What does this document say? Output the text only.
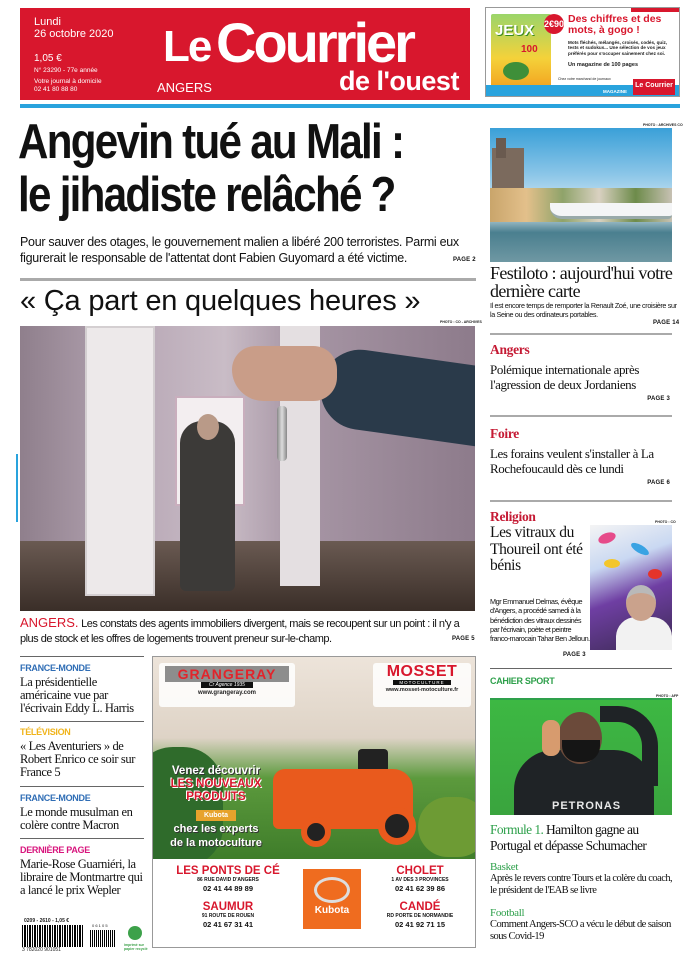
Lundi
26 octobre 2020
1,05 €
N° 23290 - 77e année
Votre journal à domicile
02 41 80 88 80
Le Courrier
de l'ouest
ANGERS
JEUX
100
2€90 Des chiffres et des mots, à gogo !
Mots fléchés, mélangés, croisés, codés, quiz, tests et sudokus... Une sélection de vos jeux préférés pour s'occuper sainement chez soi.
Un magazine de 100 pages
Chez votre marchand de journaux
MAGAZINE
Le Courrier
Angevin tué au Mali :
le jihadiste relâché ?
Pour sauver des otages, le gouvernement malien a libéré 200 terroristes. Parmi eux figurerait le responsable de l'attentat dont Fabien Guyomard a été victime.	PAGE 2
« Ça part en quelques heures »
PHOTO : CO - ARCHIVES
ANGERS. Les constats des agents immobiliers divergent, mais se recoupent sur un point : il n'y a plus de stock et les offres de logements trouvent preneur sur-le-champ.	PAGE 5
FRANCE-MONDE
La présidentielle américaine vue par l'écrivain Eddy L. Harris
TÉLÉVISION
« Les Aventuriers » de Robert Enrico ce soir sur France 5
FRANCE-MONDE
Le monde musulman en colère contre Macron
DERNIÈRE PAGE
Marie-Rose Guarniéri, la libraire de Montmartre qui a lancé le prix Wepler
0209 - 2610 - 1,05 €
3 782020 901051
0 6 1 0 5
imprimé sur papier recyclé
GRANGERAY
Cr Agence 1935
www.grangeray.com
MOSSET
MOTOCULTURE
www.mosset-motoculture.fr
Venez découvrir
LES NOUVEAUX
PRODUITS
Kubota
chez les experts
de la motoculture
LES PONTS DE CÉ
86 RUE DAVID D'ANGERS
02 41 44 89 89
SAUMUR
91 ROUTE DE ROUEN
02 41 67 31 41
Kubota
CHOLET
1 AV DES 3 PROVINCES
02 41 62 39 86
CANDÉ
RD PORTE DE NORMANDIE
02 41 92 71 15
PHOTO : ARCHIVES CO
Festiloto : aujourd'hui votre dernière carte
Il est encore temps de remporter la Renault Zoé, une croisière sur la Seine ou des ordinateurs portables.
PAGE 14
Angers
Polémique internationale après l'agression de deux Jordaniens
PAGE 3
Foire
Les forains veulent s'installer à La Rochefoucauld dès ce lundi
PAGE 6
Religion
Les vitraux du Thoureil ont été bénis
Mgr Emmanuel Delmas, évêque d'Angers, a procédé samedi à la bénédiction des vitraux dessinés par l'écrivain, poète et peintre franco-marocain Tahar Ben Jelloun.
PHOTO : CO
PAGE 3
CAHIER SPORT
PHOTO : AFP
PETRONAS
Formule 1. Hamilton gagne au Portugal et dépasse Schumacher
Basket
Après le revers contre Tours et la colère du coach, le président de l'EAB se livre
Football
Comment Angers-SCO a vécu le début de saison sous Covid-19
